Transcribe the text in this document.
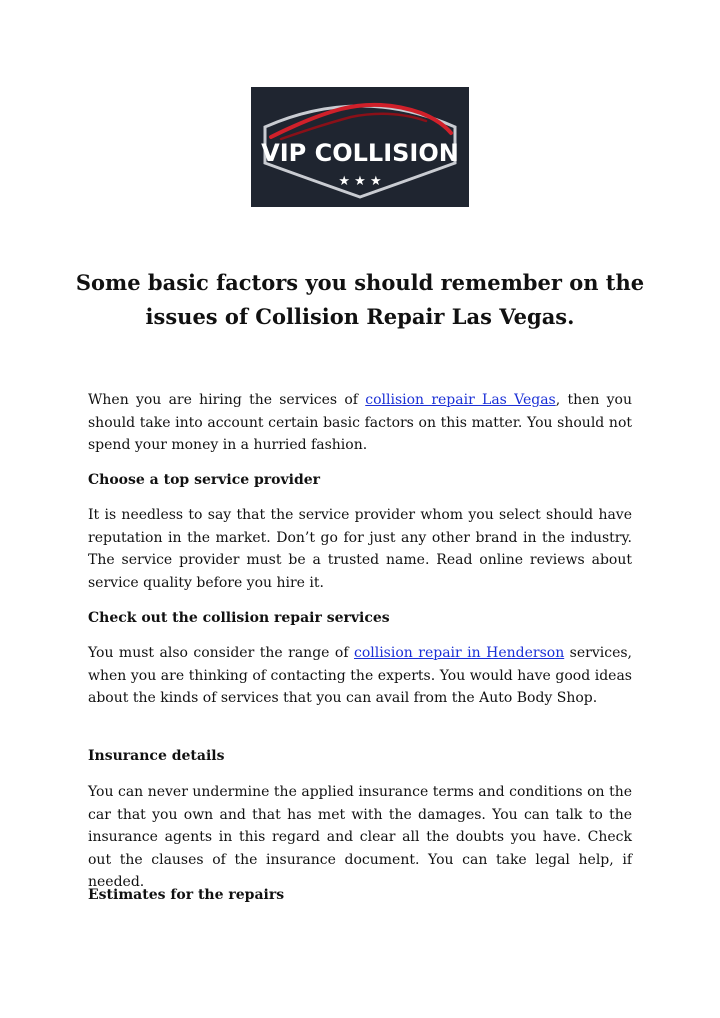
VIP COLLISION
★ ★ ★
Some basic factors you should remember on the issues of Collision Repair Las Vegas.

When you are hiring the services of collision repair Las Vegas, then you should take into account certain basic factors on this matter. You should not spend your money in a hurried fashion.

Choose a top service provider

It is needless to say that the service provider whom you select should have reputation in the market. Don’t go for just any other brand in the industry. The service provider must be a trusted name. Read online reviews about service quality before you hire it.

Check out the collision repair services

You must also consider the range of collision repair in Henderson services, when you are thinking of contacting the experts. You would have good ideas about the kinds of services that you can avail from the Auto Body Shop.

Insurance details

You can never undermine the applied insurance terms and conditions on the car that you own and that has met with the damages. You can talk to the insurance agents in this regard and clear all the doubts you have. Check out the clauses of the insurance document. You can take legal help, if needed.

Estimates for the repairs
